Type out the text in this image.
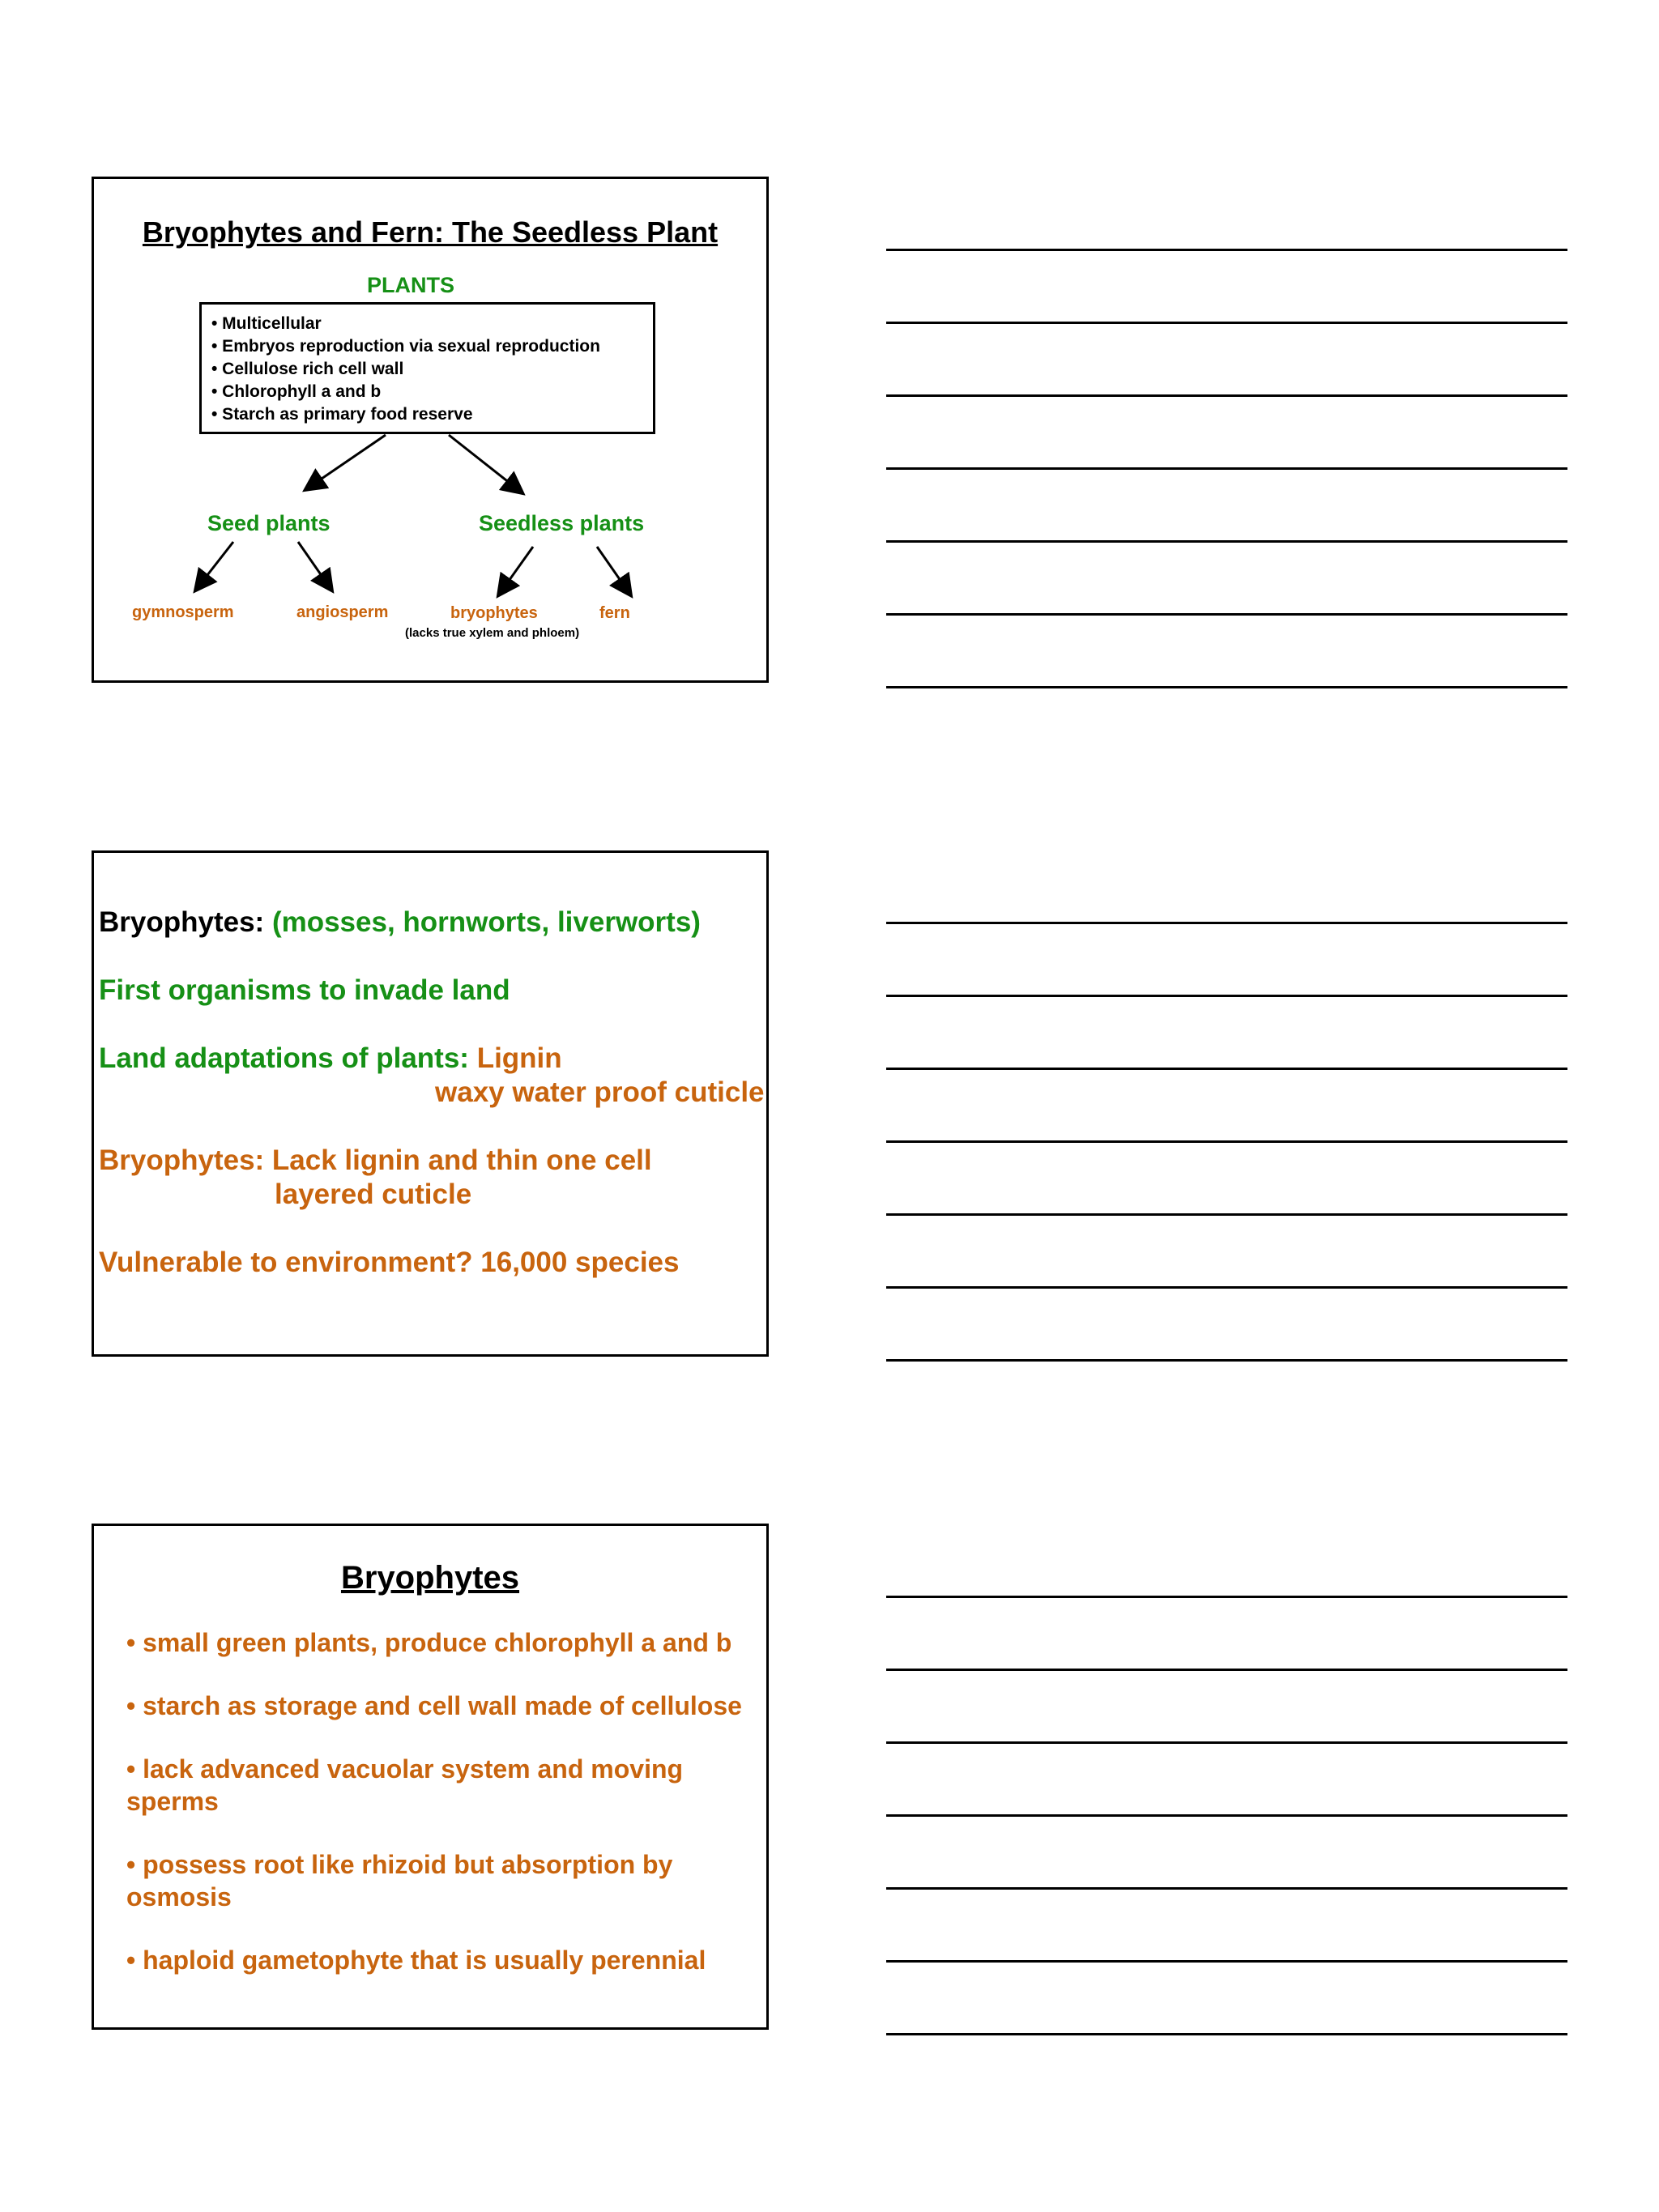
Bryophytes and Fern: The Seedless Plant
PLANTS
• Multicellular
• Embryos reproduction via sexual reproduction
• Cellulose rich cell wall
• Chlorophyll a and b
• Starch as primary food reserve
Seed plants	Seedless plants
gymnosperm	angiosperm	bryophytes	fern
(lacks true xylem and phloem)
Bryophytes: (mosses, hornworts, liverworts)
First organisms to invade land
Land adaptations of plants: Lignin
waxy water proof cuticle
Bryophytes: Lack lignin and thin one cell
layered cuticle
Vulnerable to environment? 16,000 species
Bryophytes
• small green plants, produce chlorophyll a and b
• starch as storage and cell wall made of cellulose
• lack advanced vacuolar system and moving sperms
• possess root like rhizoid but absorption by osmosis
• haploid gametophyte that is usually perennial
